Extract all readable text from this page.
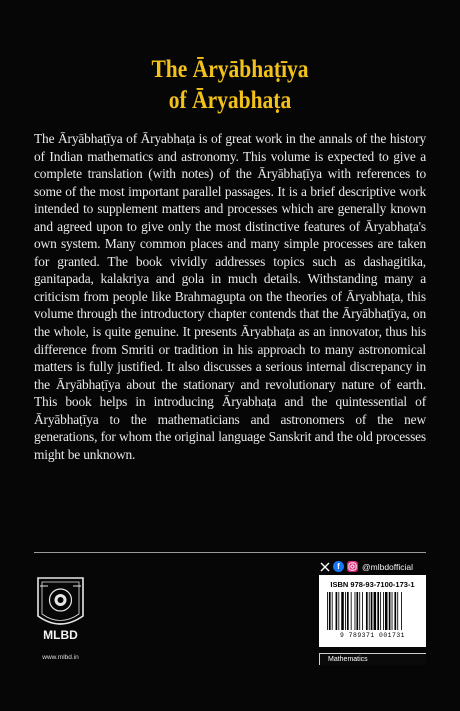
The Āryābhaṭīya
of Āryabhaṭa
The Āryābhaṭīya of Āryabhaṭa is of great work in the annals of the history of Indian mathematics and astronomy. This volume is expected to give a complete translation (with notes) of the Āryābhaṭīya with references to some of the most important parallel passages. It is a brief descriptive work intended to supplement matters and processes which are generally known and agreed upon to give only the most distinctive features of Āryabhaṭa's own system. Many common places and many simple processes are taken for granted. The book vividly addresses topics such as dashagitika, ganitapada, kalakriya and gola in much details. Withstanding many a criticism from people like Brahmagupta on the theories of Āryabhaṭa, this volume through the introductory chapter contends that the Āryābhaṭīya, on the whole, is quite genuine. It presents Āryabhaṭa as an innovator, thus his difference from Smriti or tradition in his approach to many astronomical matters is fully justified. It also discusses a serious internal discrepancy in the Āryābhaṭīya about the stationary and revolutionary nature of earth. This book helps in introducing Āryabhaṭa and the quintessential of Āryābhaṭīya to the mathematicians and astronomers of the new generations, for whom the original language Sanskrit and the old processes might be unknown.
f	@mlbdofficial
MLBD
www.mlbd.in
ISBN 978-93-7100-173-1
9 789371 001731
Mathematics
